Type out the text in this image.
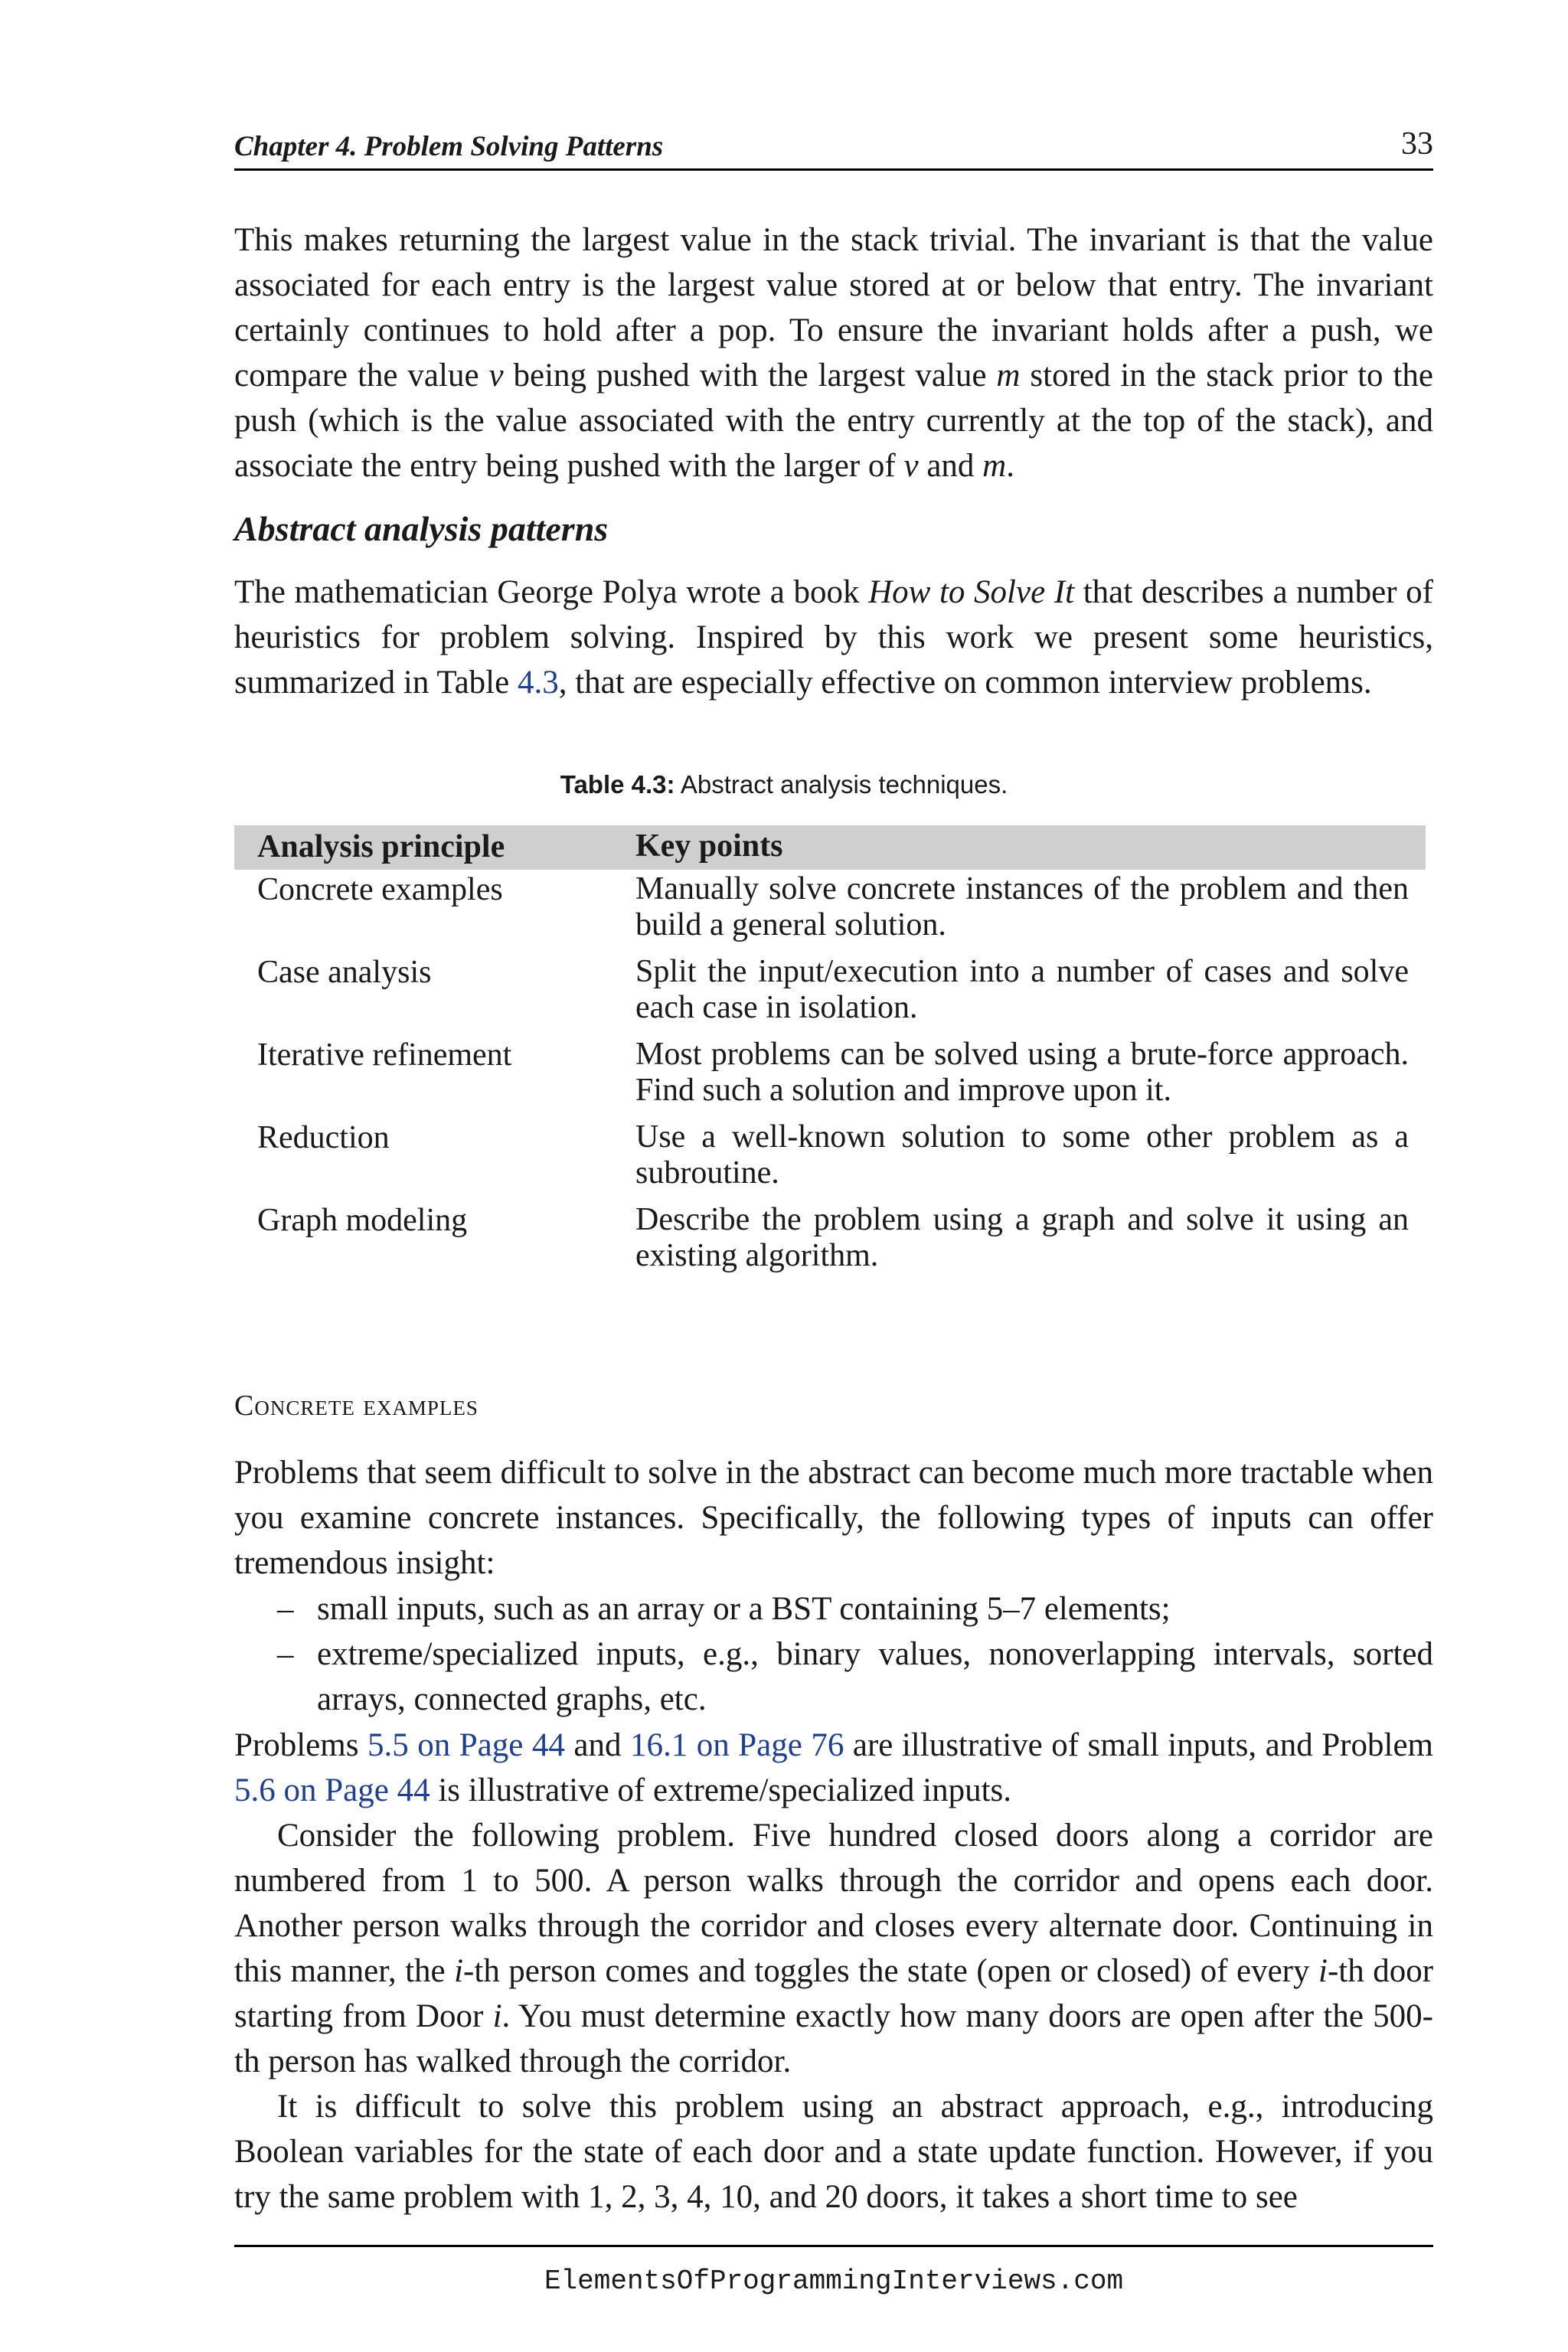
Chapter 4. Problem Solving Patterns	33
This makes returning the largest value in the stack trivial. The invariant is that the value associated for each entry is the largest value stored at or below that entry. The invariant certainly continues to hold after a pop. To ensure the invariant holds after a push, we compare the value v being pushed with the largest value m stored in the stack prior to the push (which is the value associated with the entry currently at the top of the stack), and associate the entry being pushed with the larger of v and m.
Abstract analysis patterns
The mathematician George Polya wrote a book How to Solve It that describes a number of heuristics for problem solving. Inspired by this work we present some heuristics, summarized in Table 4.3, that are especially effective on common interview problems.
Table 4.3: Abstract analysis techniques.
Analysis principle	Key points
Concrete examples	Manually solve concrete instances of the problem and then build a general solution.
Case analysis	Split the input/execution into a number of cases and solve each case in isolation.
Iterative refinement	Most problems can be solved using a brute-force approach. Find such a solution and improve upon it.
Reduction	Use a well-known solution to some other problem as a subroutine.
Graph modeling	Describe the problem using a graph and solve it using an existing algorithm.
Concrete examples
Problems that seem difficult to solve in the abstract can become much more tractable when you examine concrete instances. Specifically, the following types of inputs can offer tremendous insight:
– small inputs, such as an array or a BST containing 5–7 elements;
– extreme/specialized inputs, e.g., binary values, nonoverlapping intervals, sorted arrays, connected graphs, etc.
Problems 5.5 on Page 44 and 16.1 on Page 76 are illustrative of small inputs, and Problem 5.6 on Page 44 is illustrative of extreme/specialized inputs.
Consider the following problem. Five hundred closed doors along a corridor are numbered from 1 to 500. A person walks through the corridor and opens each door. Another person walks through the corridor and closes every alternate door. Continuing in this manner, the i-th person comes and toggles the state (open or closed) of every i-th door starting from Door i. You must determine exactly how many doors are open after the 500-th person has walked through the corridor.
It is difficult to solve this problem using an abstract approach, e.g., introducing Boolean variables for the state of each door and a state update function. However, if you try the same problem with 1, 2, 3, 4, 10, and 20 doors, it takes a short time to see
ElementsOfProgrammingInterviews.com
